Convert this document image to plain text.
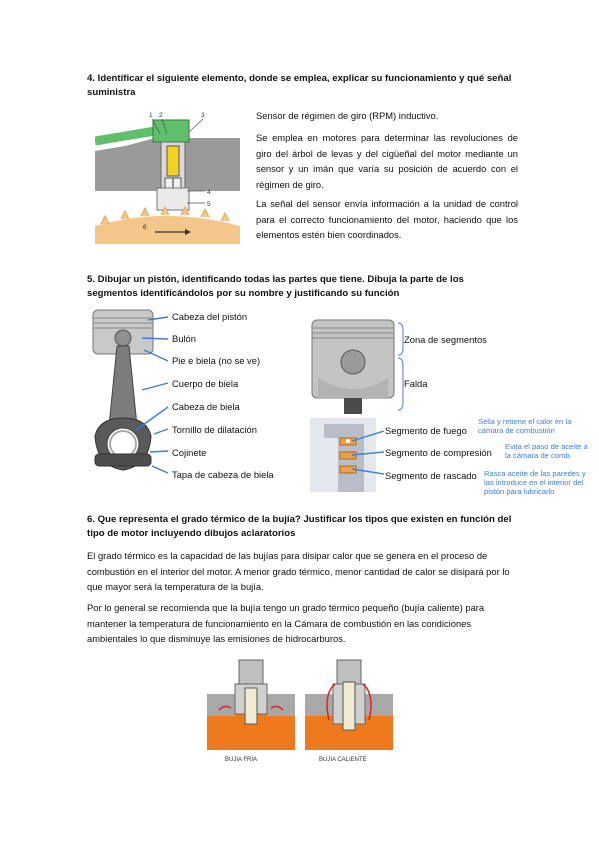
4. Identificar el siguiente elemento, donde se emplea, explicar su funcionamiento y qué señal suministra
1 2	3
4
5
6
Sensor de régimen de giro (RPM) inductivo.
Se emplea en motores para determinar las revoluciones de giro del árbol de levas y del cigüeñal del motor mediante un sensor y un imán que varía su posición de acuerdo con el régimen de giro.
La señal del sensor envía información a la unidad de control para el correcto funcionamiento del motor, haciendo que los elementos estén bien coordinados.
5. Dibujar un pistón, identificando todas las partes que tiene. Dibuja la parte de los segmentos identificándolos por su nombre y justificando su función
Cabeza del pistón
Bulón
Pie e biela (no se ve)
Cuerpo de biela
Cabeza de biela
Tornillo de dilatación
Cojinete
Tapa de cabeza de biela
Zona de segmentos
Falda
Segmento de fuego
Segmento de compresión
Segmento de rascado
Sella y retiene el calor en la cámara de combustión
Evita el paso de aceite a la cámara de comb.
Rasca aceite de las paredes y las introduce en el interior del pistón para lubricarlo
6. Que representa el grado térmico de la bujía? Justificar los tipos que existen en función del tipo de motor incluyendo dibujos aclaratorios
El grado térmico es la capacidad de las bujías para disipar calor que se genera en el proceso de combustión en el interior del motor. A menor grado térmico, menor cantidad de calor se disipará por lo que mayor será la temperatura de la bujía.
Por lo general se recomienda que la bujía tengo un grado térmico pequeño (bujía caliente) para mantener la temperatura de funcionamiento en la Cámara de combustión en las condiciones ambientales lo que disminuye las emisiones de hidrocarburos.
BUJIA FRIA	BUJIA CALIENTE
